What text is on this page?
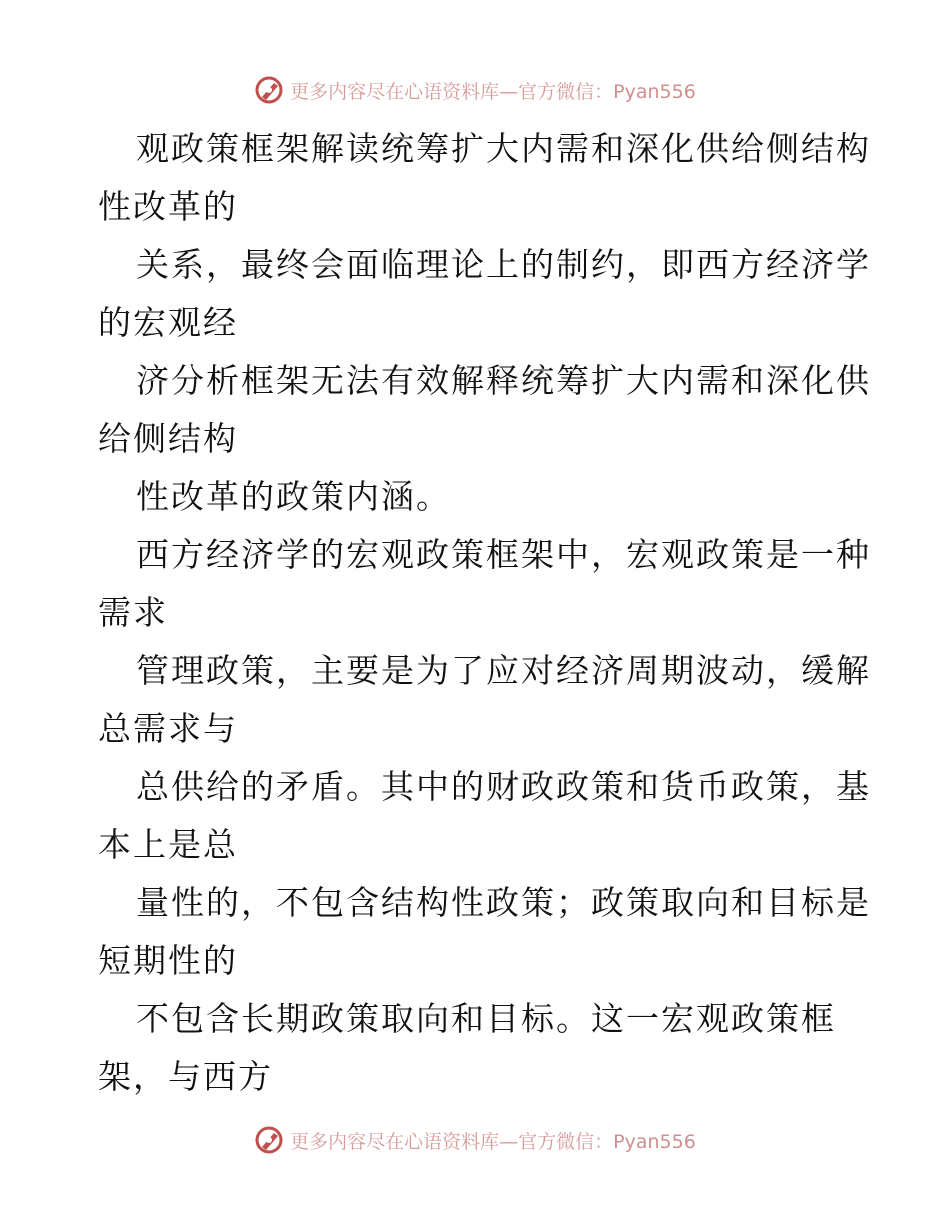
更多内容尽在心语资料库—官方微信：Pyan556
观政策框架解读统筹扩大内需和深化供给侧结构
性改革的
关系，最终会面临理论上的制约，即西方经济学
的宏观经
济分析框架无法有效解释统筹扩大内需和深化供
给侧结构
性改革的政策内涵。
西方经济学的宏观政策框架中，宏观政策是一种
需求
管理政策，主要是为了应对经济周期波动，缓解
总需求与
总供给的矛盾。其中的财政政策和货币政策，基
本上是总
量性的，不包含结构性政策；政策取向和目标是
短期性的
不包含长期政策取向和目标。这一宏观政策框
架，与西方
更多内容尽在心语资料库—官方微信：Pyan556
